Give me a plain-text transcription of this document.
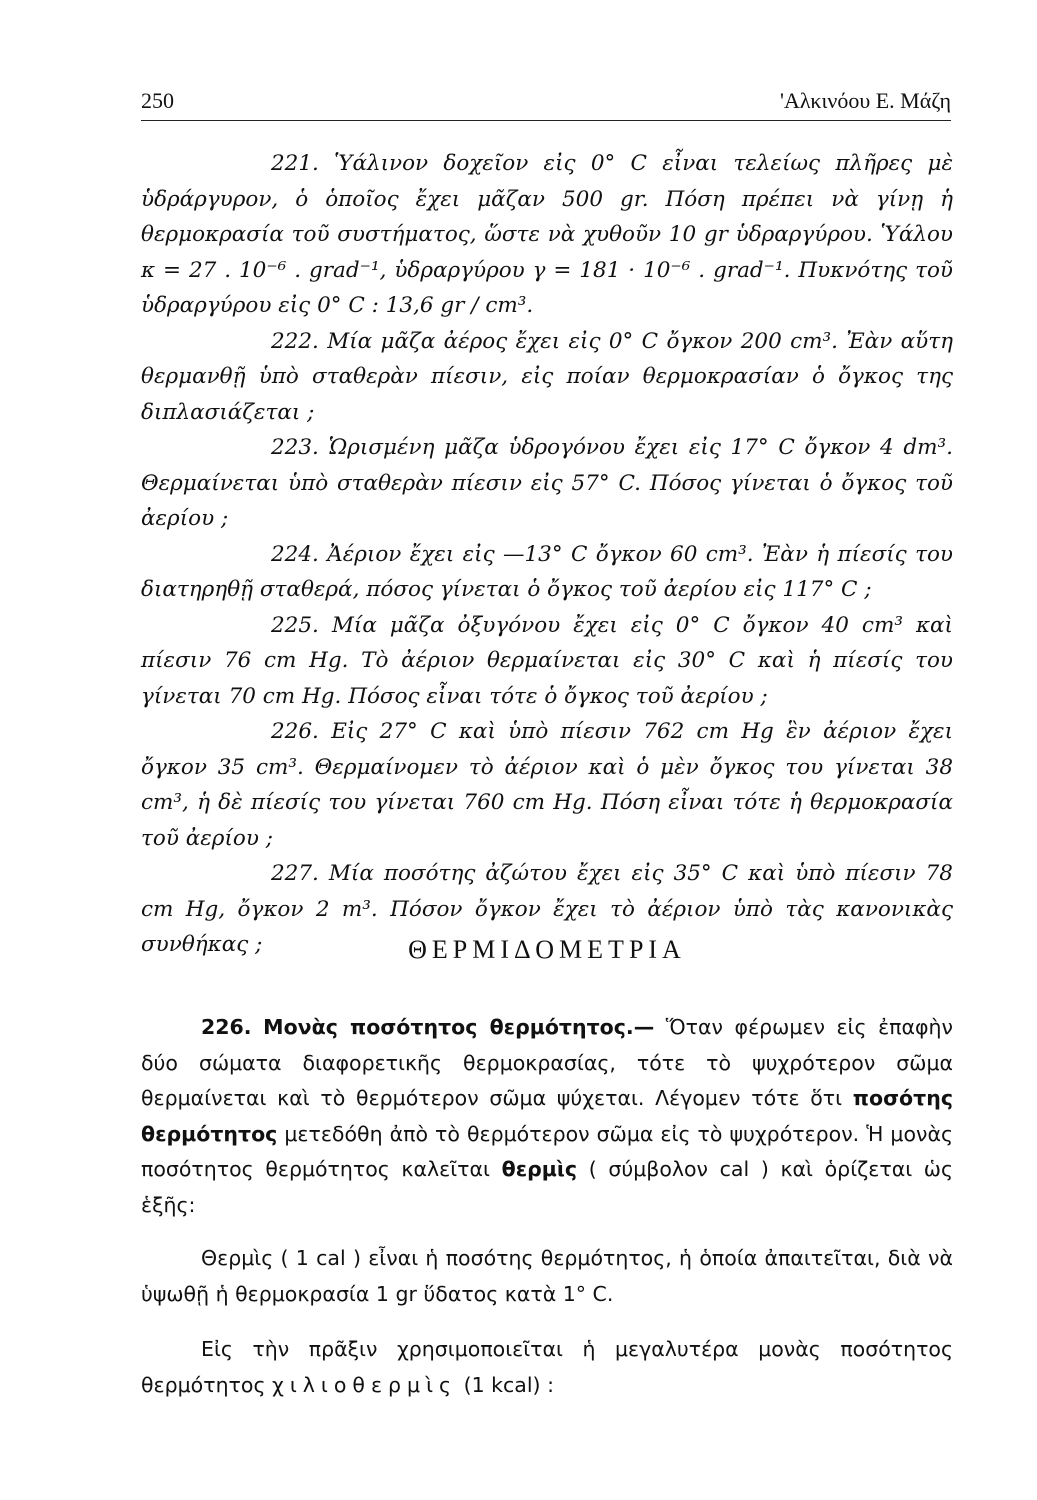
250	'Αλκινόου Ε. Μάζη

221. Ὑάλινον δοχεῖον εἰς 0° C εἶναι τελείως πλῆρες μὲ ὑδράργυρον, ὁ ὁποῖος ἔχει μᾶζαν 500 gr. Πόση πρέπει νὰ γίνῃ ἡ θερμοκρασία τοῦ συστήματος, ὥστε νὰ χυθοῦν 10 gr ὑδραργύρου. Ὑάλου κ = 27 . 10⁻⁶ . grad⁻¹, ὑδραργύρου γ = 181 · 10⁻⁶ . grad⁻¹. Πυκνότης τοῦ ὑδραργύρου εἰς 0° C : 13,6 gr / cm³.

222. Μία μᾶζα ἀέρος ἔχει εἰς 0° C ὄγκον 200 cm³. Ἐὰν αὕτη θερμανθῇ ὑπὸ σταθερὰν πίεσιν, εἰς ποίαν θερμοκρασίαν ὁ ὄγκος της διπλασιάζεται ;

223. Ὡρισμένη μᾶζα ὑδρογόνου ἔχει εἰς 17° C ὄγκον 4 dm³. Θερμαίνεται ὑπὸ σταθερὰν πίεσιν εἰς 57° C. Πόσος γίνεται ὁ ὄγκος τοῦ ἀερίου ;

224. Ἀέριον ἔχει εἰς —13° C ὄγκον 60 cm³. Ἐὰν ἡ πίεσίς του διατηρηθῇ σταθερά, πόσος γίνεται ὁ ὄγκος τοῦ ἀερίου εἰς 117° C ;

225. Μία μᾶζα ὀξυγόνου ἔχει εἰς 0° C ὄγκον 40 cm³ καὶ πίεσιν 76 cm Hg. Τὸ ἀέριον θερμαίνεται εἰς 30° C καὶ ἡ πίεσίς του γίνεται 70 cm Hg. Πόσος εἶναι τότε ὁ ὄγκος τοῦ ἀερίου ;

226. Εἰς 27° C καὶ ὑπὸ πίεσιν 762 cm Hg ἓν ἀέριον ἔχει ὄγκον 35 cm³. Θερμαίνομεν τὸ ἀέριον καὶ ὁ μὲν ὄγκος του γίνεται 38 cm³, ἡ δὲ πίεσίς του γίνεται 760 cm Hg. Πόση εἶναι τότε ἡ θερμοκρασία τοῦ ἀερίου ;

227. Μία ποσότης ἀζώτου ἔχει εἰς 35° C καὶ ὑπὸ πίεσιν 78 cm Hg, ὄγκον 2 m³. Πόσον ὄγκον ἔχει τὸ ἀέριον ὑπὸ τὰς κανονικὰς συνθήκας ;	ΘΕΡΜΙΔΟΜΕΤΡΙΑ

226. Μονὰς ποσότητος θερμότητος.— Ὅταν φέρωμεν εἰς ἐπαφὴν δύο σώματα διαφορετικῆς θερμοκρασίας, τότε τὸ ψυχρότερον σῶμα θερμαίνεται καὶ τὸ θερμότερον σῶμα ψύχεται. Λέγομεν τότε ὅτι ποσότης θερμότητος μετεδόθη ἀπὸ τὸ θερμότερον σῶμα εἰς τὸ ψυχρότερον. Ἡ μονὰς ποσότητος θερμότητος καλεῖται θερμὶς ( σύμβολον cal ) καὶ ὁρίζεται ὡς ἑξῆς:

Θερμὶς ( 1 cal ) εἶναι ἡ ποσότης θερμότητος, ἡ ὁποία ἀπαιτεῖται, διὰ νὰ ὑψωθῇ ἡ θερμοκρασία 1 gr ὕδατος κατὰ 1° C.

Εἰς τὴν πρᾶξιν χρησιμοποιεῖται ἡ μεγαλυτέρα μονὰς ποσότητος θερμότητος χιλιοθερμὶς (1 kcal) :
